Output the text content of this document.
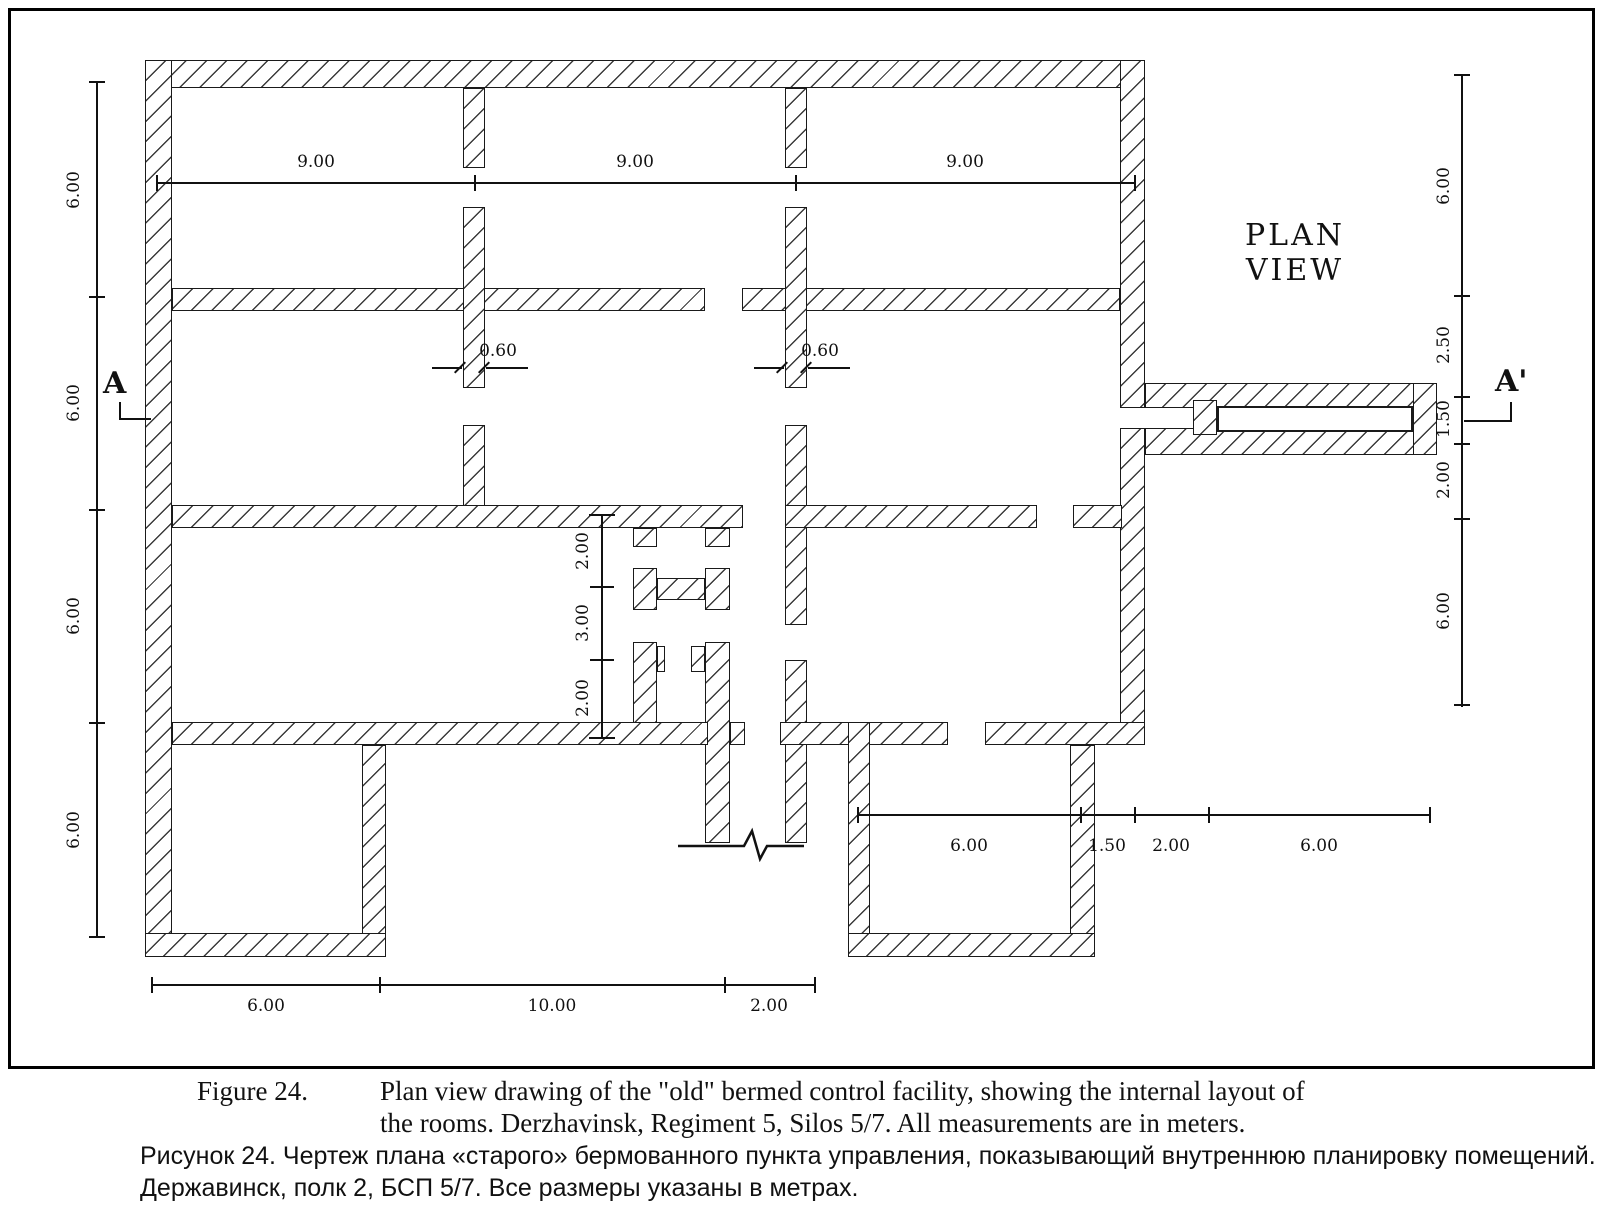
9.00	9.00	9.00
6.00
6.00
6.00
6.00
6.00
2.50
1.50
2.00
6.00
6.00	10.00	2.00
6.00	1.50	2.00	6.00
2.00
3.00
2.00
0.60	0.60
A	A'
PLAN VIEW
Figure 24.	Plan view drawing of the "old" bermed control facility, showing the internal layout of
the rooms. Derzhavinsk, Regiment 5, Silos 5/7. All measurements are in meters.
Рисунок 24. Чертеж плана «старого» бермованного пункта управления, показывающий внутреннюю планировку помещений.
Державинск, полк 2, БСП 5/7. Все размеры указаны в метрах.
